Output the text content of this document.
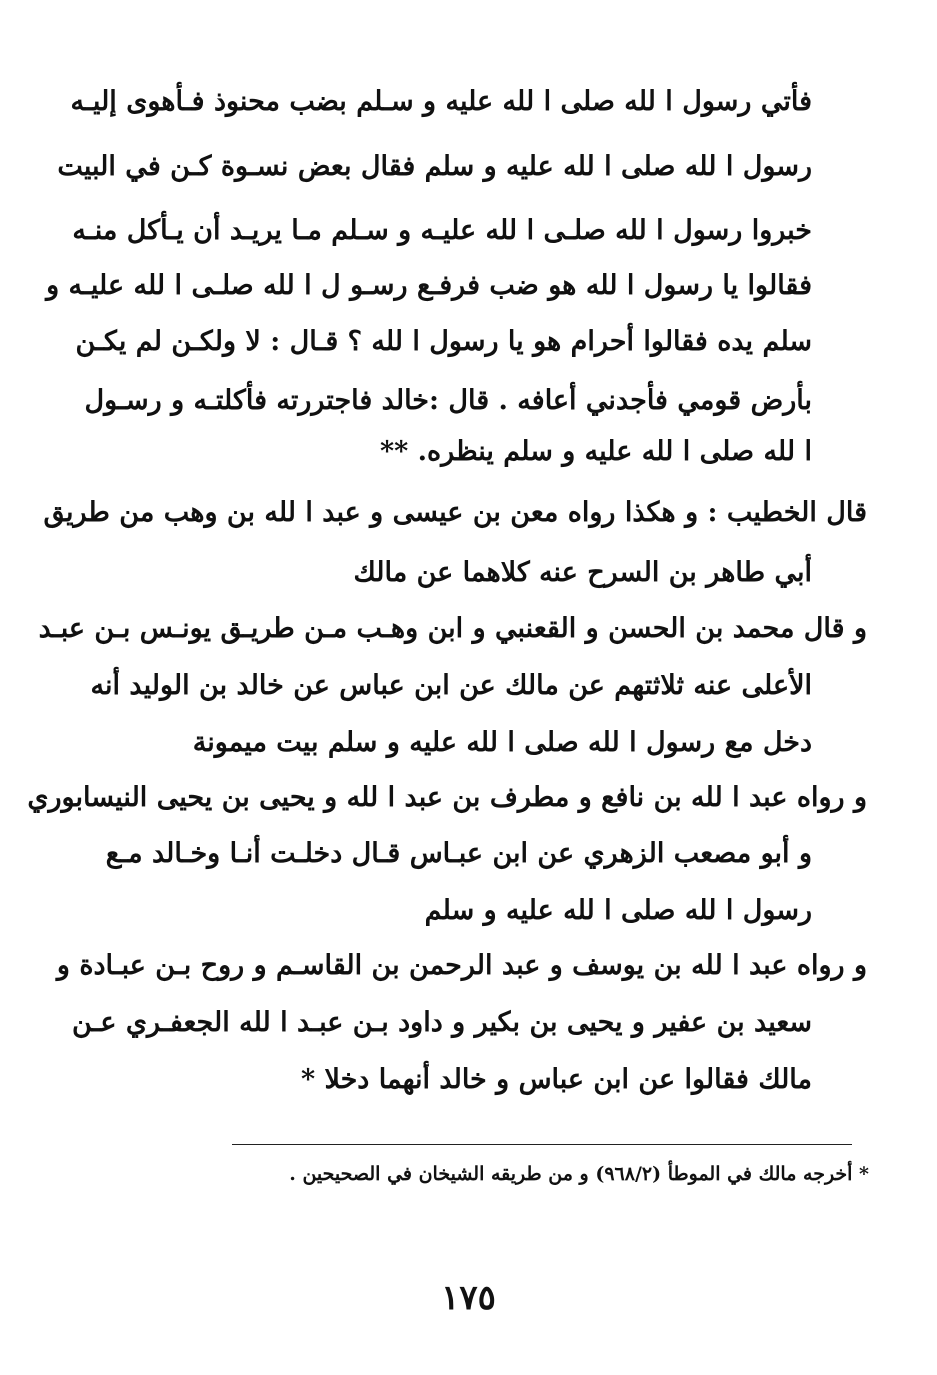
فأتي رسول ا لله صلى ا لله عليه و سـلم بضب محنوذ فـأهوى إليـه
رسول ا لله صلى ا لله عليه و سلم فقال بعض نسـوة كـن في البيت
خبروا رسول ا لله صلـى ا لله عليـه و سـلم مـا يريـد أن يـأكل منـه
فقالوا يا رسول ا لله هو ضب فرفـع رسـو ل ا لله صلـى ا لله عليـه و
سلم يده فقالوا أحرام هو يا رسول ا لله ؟ قـال : لا ولكـن لم يكـن
بأرض قومي فأجدني أعافه . قال :خالد فاجتررته فأكلتـه و رسـول
ا لله صلى ا لله عليه و سلم ينظره. **
قال الخطيب : و هكذا رواه معن بن عيسى و عبد ا لله بن وهب من طريق
أبي طاهر بن السرح عنه كلاهما عن مالك
و قال محمد بن الحسن و القعنبي و ابن وهـب مـن طريـق يونـس بـن عبـد
الأعلى عنه ثلاثتهم عن مالك عن ابن عباس عن خالد بن الوليد أنه
دخل مع رسول ا لله صلى ا لله عليه و سلم بيت ميمونة
و رواه عبد ا لله بن نافع و مطرف بن عبد ا لله و يحيى بن يحيى النيسابوري
و أبو مصعب الزهري عن ابن عبـاس قـال دخلـت أنـا وخـالد مـع
رسول ا لله صلى ا لله عليه و سلم
و رواه عبد ا لله بن يوسف و عبد الرحمن بن القاسـم و روح بـن عبـادة و
سعيد بن عفير و يحيى بن بكير و داود بـن عبـد ا لله الجعفـري عـن
مالك فقالوا عن ابن عباس و خالد أنهما دخلا *
* أخرجه مالك في الموطأ (٩٦٨/٢) و من طريقه الشيخان في الصحيحين .
١٧٥
